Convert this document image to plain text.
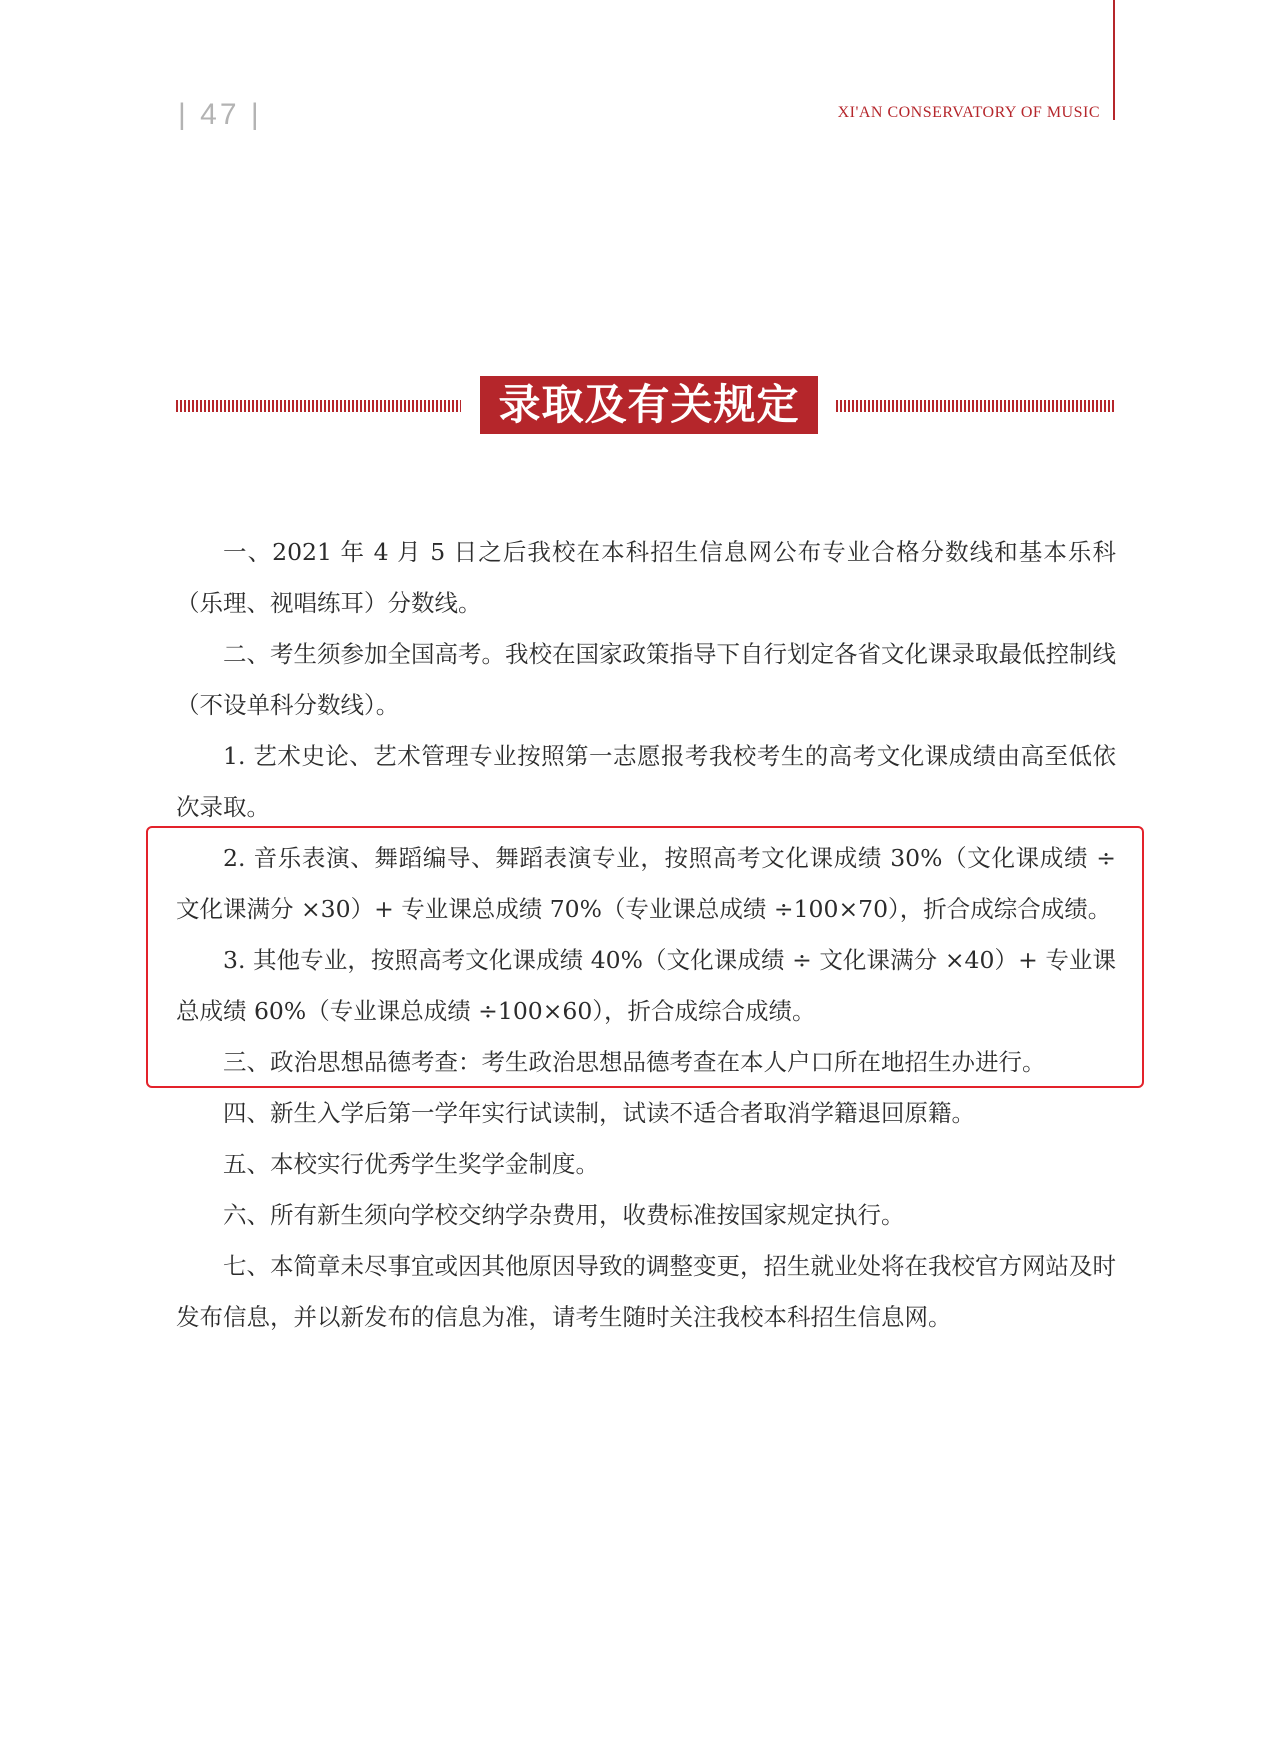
| 47 |	XI'AN CONSERVATORY OF MUSIC
录取及有关规定

一、2021 年 4 月 5 日之后我校在本科招生信息网公布专业合格分数线和基本乐科（乐理、视唱练耳）分数线。

二、考生须参加全国高考。我校在国家政策指导下自行划定各省文化课录取最低控制线（不设单科分数线）。

1. 艺术史论、艺术管理专业按照第一志愿报考我校考生的高考文化课成绩由高至低依次录取。

2. 音乐表演、舞蹈编导、舞蹈表演专业，按照高考文化课成绩 30%（文化课成绩 ÷ 文化课满分 ×30）+ 专业课总成绩 70%（专业课总成绩 ÷100×70），折合成综合成绩。

3. 其他专业，按照高考文化课成绩 40%（文化课成绩 ÷ 文化课满分 ×40）+ 专业课总成绩 60%（专业课总成绩 ÷100×60），折合成综合成绩。

三、政治思想品德考查：考生政治思想品德考查在本人户口所在地招生办进行。

四、新生入学后第一学年实行试读制，试读不适合者取消学籍退回原籍。

五、本校实行优秀学生奖学金制度。

六、所有新生须向学校交纳学杂费用，收费标准按国家规定执行。

七、本简章未尽事宜或因其他原因导致的调整变更，招生就业处将在我校官方网站及时发布信息，并以新发布的信息为准，请考生随时关注我校本科招生信息网。
